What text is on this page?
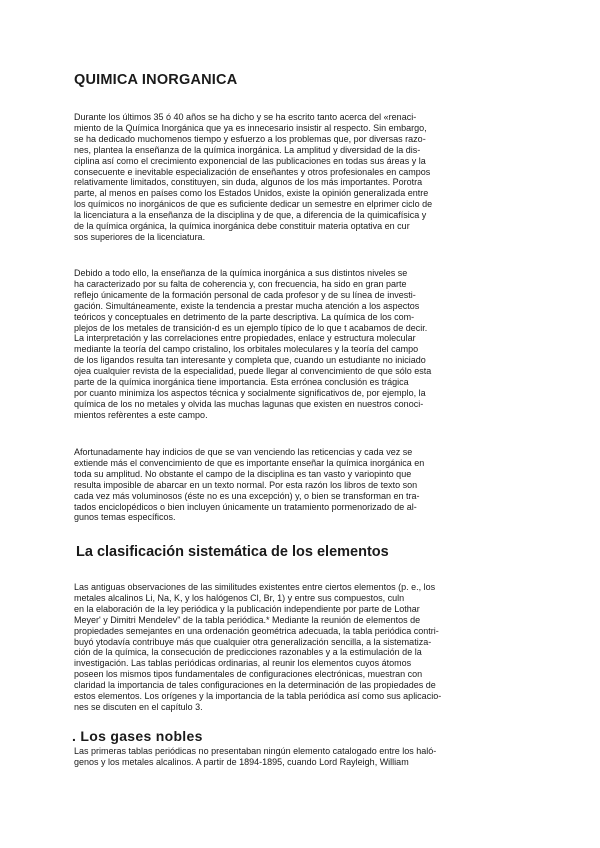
QUIMICA INORGANICA
Durante los últimos 35 ó 40 años se ha dicho y se ha escrito tanto acerca del «renaci-
miento de la Química Inorgánica que ya es innecesario insistir al respecto. Sin embargo,
se ha dedicado muchomenos tiempo y esfuerzo a los problemas que, por diversas razo-
nes, plantea la enseñanza de la química inorgánica. La amplitud y diversidad de la dis-
ciplina así como el crecimiento exponencial de las publicaciones en todas sus áreas y la
consecuente e inevitable especialización de enseñantes y otros profesionales en campos
relativamente limitados, constituyen, sin duda, algunos de los más importantes. Porotra
parte, al menos en países como los Estados Unidos, existe la opinión generalizada entre
los químicos no inorgánicos de que es suficiente dedicar un semestre en elprimer ciclo de
la licenciatura a la enseñanza de la disciplina y de que, a diferencia de la quimicafísica y
de la química orgánica, la química inorgánica debe constituir materia optativa en cur
sos superiores de la licenciatura.
Debido a todo ello, la enseñanza de la química inorgánica a sus distintos niveles se
ha caracterizado por su falta de coherencia y, con frecuencia, ha sido en gran parte
reflejo únicamente de la formación personal de cada profesor y de su línea de investi-
gación. Simultáneamente, existe la tendencia a prestar mucha atención a los aspectos
teóricos y conceptuales en detrimento de la parte descriptiva. La química de los com-
plejos de los metales de transición-d es un ejemplo típico de lo que t acabamos de decir.
La interpretación y las correlaciones entre propiedades, enlace y estructura molecular
mediante la teoría del campo cristalino, los orbitales moleculares y la teoría del campo
de los ligandos resulta tan interesante y completa que, cuando un estudiante no iniciado
ojea cualquier revista de la especialidad, puede llegar al convencimiento de que sólo esta
parte de la química inorgánica tiene importancia. Esta errónea conclusión es trágica
por cuanto minimiza los aspectos técnica y socialmente significativos de, por ejemplo, la
química de los no metales y olvida las muchas lagunas que existen en nuestros conoci-
mientos refèrentes a este campo.
Afortunadamente hay indicios de que se van venciendo las reticencias y cada vez se
extiende más el convencimiento de que es importante enseñar la química inorgánica en
toda su amplitud. No obstante el campo de la disciplina es tan vasto y variopinto que
resulta imposible de abarcar en un texto normal. Por esta razón los libros de texto son
cada vez más voluminosos (éste no es una excepción) y, o bien se transforman en tra-
tados enciclopédicos o bien incluyen únicamente un tratamiento pormenorizado de al-
gunos temas específicos.
La clasificación sistemática de los elementos
Las antiguas observaciones de las similitudes existentes entre ciertos elementos (p. e., los
metales alcalinos Li, Na, K, y los halógenos Cl, Br, 1) y entre sus compuestos, culn
en la elaboración de la ley periódica y la publicación independiente por parte de Lothar
Meyer' y Dimitri Mendelev" de la tabla periódica.* Mediante la reunión de elementos de
propiedades semejantes en una ordenación geométrica adecuada, la tabla periódica contri-
buyó ytodavía contribuye más que cualquier otra generalización sencilla, a la sistematiza-
ción de la química, la consecución de predicciones razonables y a la estimulación de la
investigación. Las tablas periódicas ordinarias, al reunir los elementos cuyos átomos
poseen los mismos tipos fundamentales de configuraciones electrónicas, muestran con
claridad la importancia de tales configuraciones en la determinación de las propiedades de
estos elementos. Los orígenes y la importancia de la tabla periódica así como sus aplicacio-
nes se discuten en el capítulo 3.
. Los gases nobles
Las primeras tablas periódicas no presentaban ningún elemento catalogado entre los haló-
genos y los metales alcalinos. A partir de 1894-1895, cuando Lord Rayleigh, William
